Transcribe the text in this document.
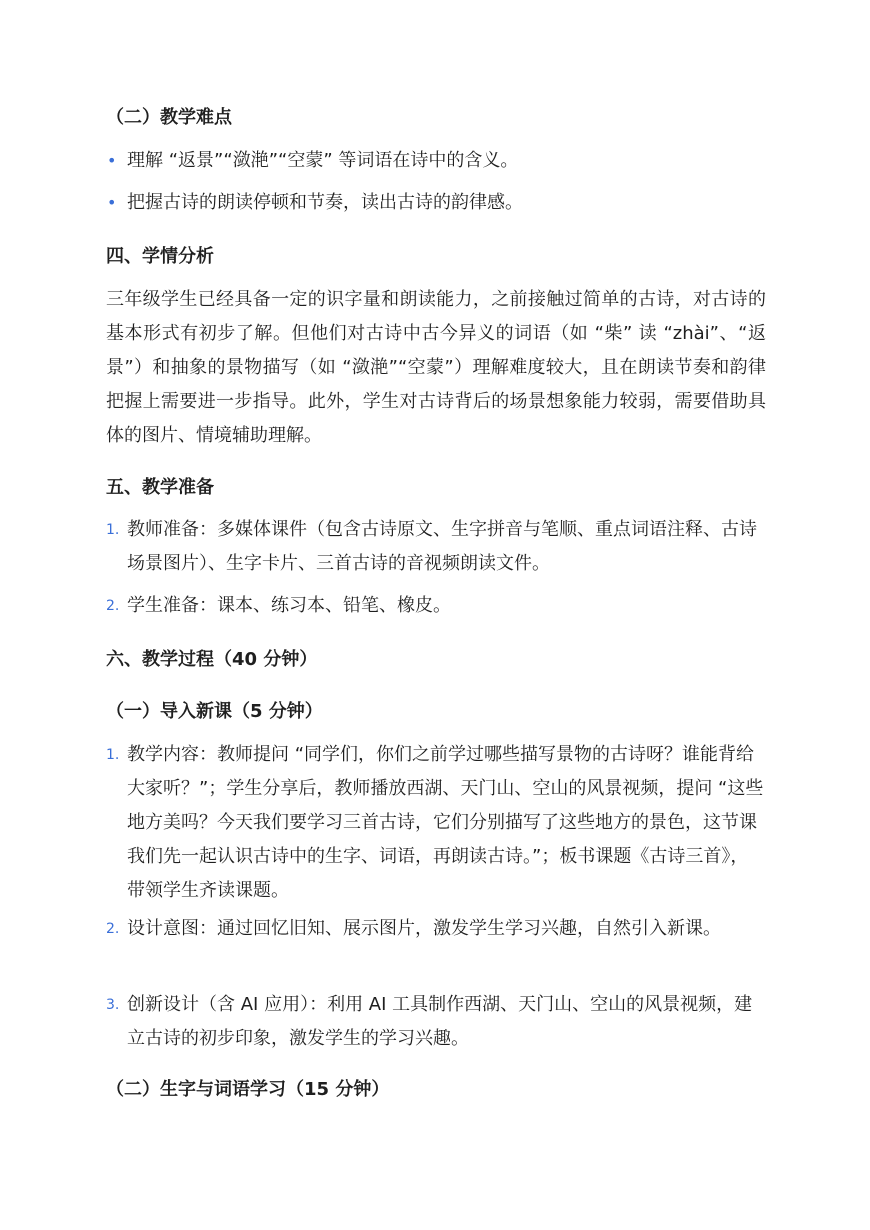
（二）教学难点
• 理解 “返景”“潋滟”“空蒙” 等词语在诗中的含义。
• 把握古诗的朗读停顿和节奏，读出古诗的韵律感。
四、学情分析
三年级学生已经具备一定的识字量和朗读能力，之前接触过简单的古诗，对古诗的基本形式有初步了解。但他们对古诗中古今异义的词语（如 “柴” 读 “zhài”、“返景”）和抽象的景物描写（如 “潋滟”“空蒙”）理解难度较大，且在朗读节奏和韵律把握上需要进一步指导。此外，学生对古诗背后的场景想象能力较弱，需要借助具体的图片、情境辅助理解。
五、教学准备
1. 教师准备：多媒体课件（包含古诗原文、生字拼音与笔顺、重点词语注释、古诗场景图片）、生字卡片、三首古诗的音视频朗读文件。
2. 学生准备：课本、练习本、铅笔、橡皮。
六、教学过程（40 分钟）
（一）导入新课（5 分钟）
1. 教学内容：教师提问 “同学们，你们之前学过哪些描写景物的古诗呀？谁能背给大家听？”；学生分享后，教师播放西湖、天门山、空山的风景视频，提问 “这些地方美吗？今天我们要学习三首古诗，它们分别描写了这些地方的景色，这节课我们先一起认识古诗中的生字、词语，再朗读古诗。”；板书课题《古诗三首》，带领学生齐读课题。
2. 设计意图：通过回忆旧知、展示图片，激发学生学习兴趣，自然引入新课。
3. 创新设计（含 AI 应用）：利用 AI 工具制作西湖、天门山、空山的风景视频，建立古诗的初步印象，激发学生的学习兴趣。
（二）生字与词语学习（15 分钟）
